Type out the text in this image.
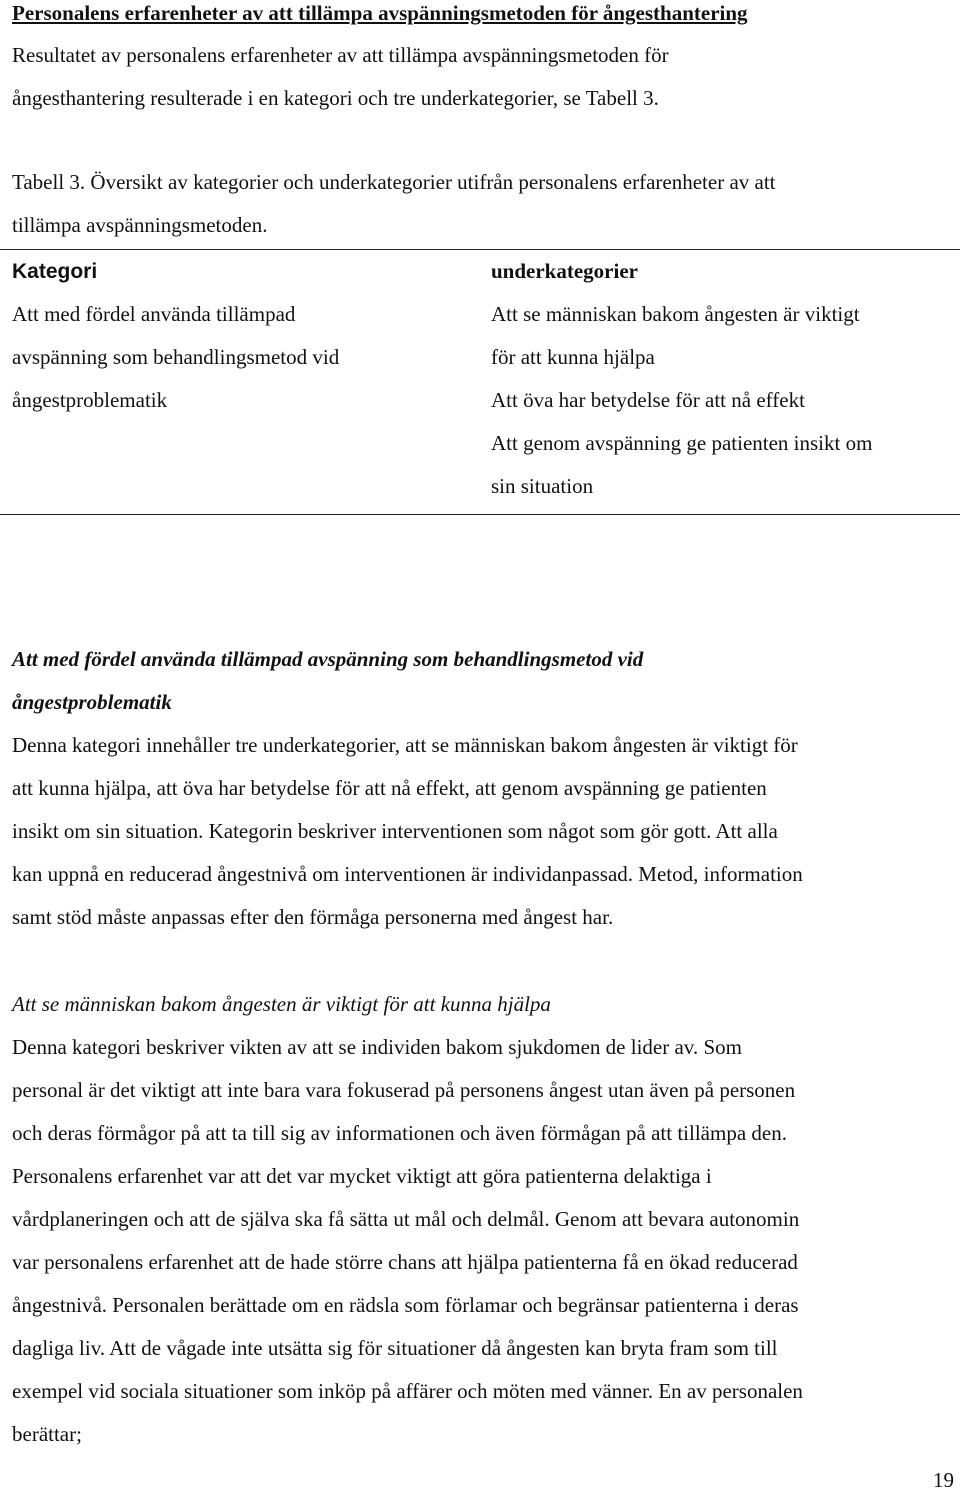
Personalens erfarenheter av att tillämpa avspänningsmetoden för ångesthantering

Resultatet av personalens erfarenheter av att tillämpa avspänningsmetoden för

ångesthantering resulterade i en kategori och tre underkategorier, se Tabell 3.

Tabell 3. Översikt av kategorier och underkategorier utifrån personalens erfarenheter av att

tillämpa avspänningsmetoden.

Kategori

Att med fördel använda tillämpad

avspänning som behandlingsmetod vid

ångestproblematik

underkategorier

Att se människan bakom ångesten är viktigt

för att kunna hjälpa

Att öva har betydelse för att nå effekt

Att genom avspänning ge patienten insikt om

sin situation

Att med fördel använda tillämpad avspänning som behandlingsmetod vid

ångestproblematik

Denna kategori innehåller tre underkategorier, att se människan bakom ångesten är viktigt för

att kunna hjälpa, att öva har betydelse för att nå effekt, att genom avspänning ge patienten

insikt om sin situation. Kategorin beskriver interventionen som något som gör gott. Att alla

kan uppnå en reducerad ångestnivå om interventionen är individanpassad. Metod, information

samt stöd måste anpassas efter den förmåga personerna med ångest har.

Att se människan bakom ångesten är viktigt för att kunna hjälpa

Denna kategori beskriver vikten av att se individen bakom sjukdomen de lider av. Som

personal är det viktigt att inte bara vara fokuserad på personens ångest utan även på personen

och deras förmågor på att ta till sig av informationen och även förmågan på att tillämpa den.

Personalens erfarenhet var att det var mycket viktigt att göra patienterna delaktiga i

vårdplaneringen och att de själva ska få sätta ut mål och delmål. Genom att bevara autonomin

var personalens erfarenhet att de hade större chans att hjälpa patienterna få en ökad reducerad

ångestnivå. Personalen berättade om en rädsla som förlamar och begränsar patienterna i deras

dagliga liv. Att de vågade inte utsätta sig för situationer då ångesten kan bryta fram som till

exempel vid sociala situationer som inköp på affärer och möten med vänner. En av personalen

berättar;

19
